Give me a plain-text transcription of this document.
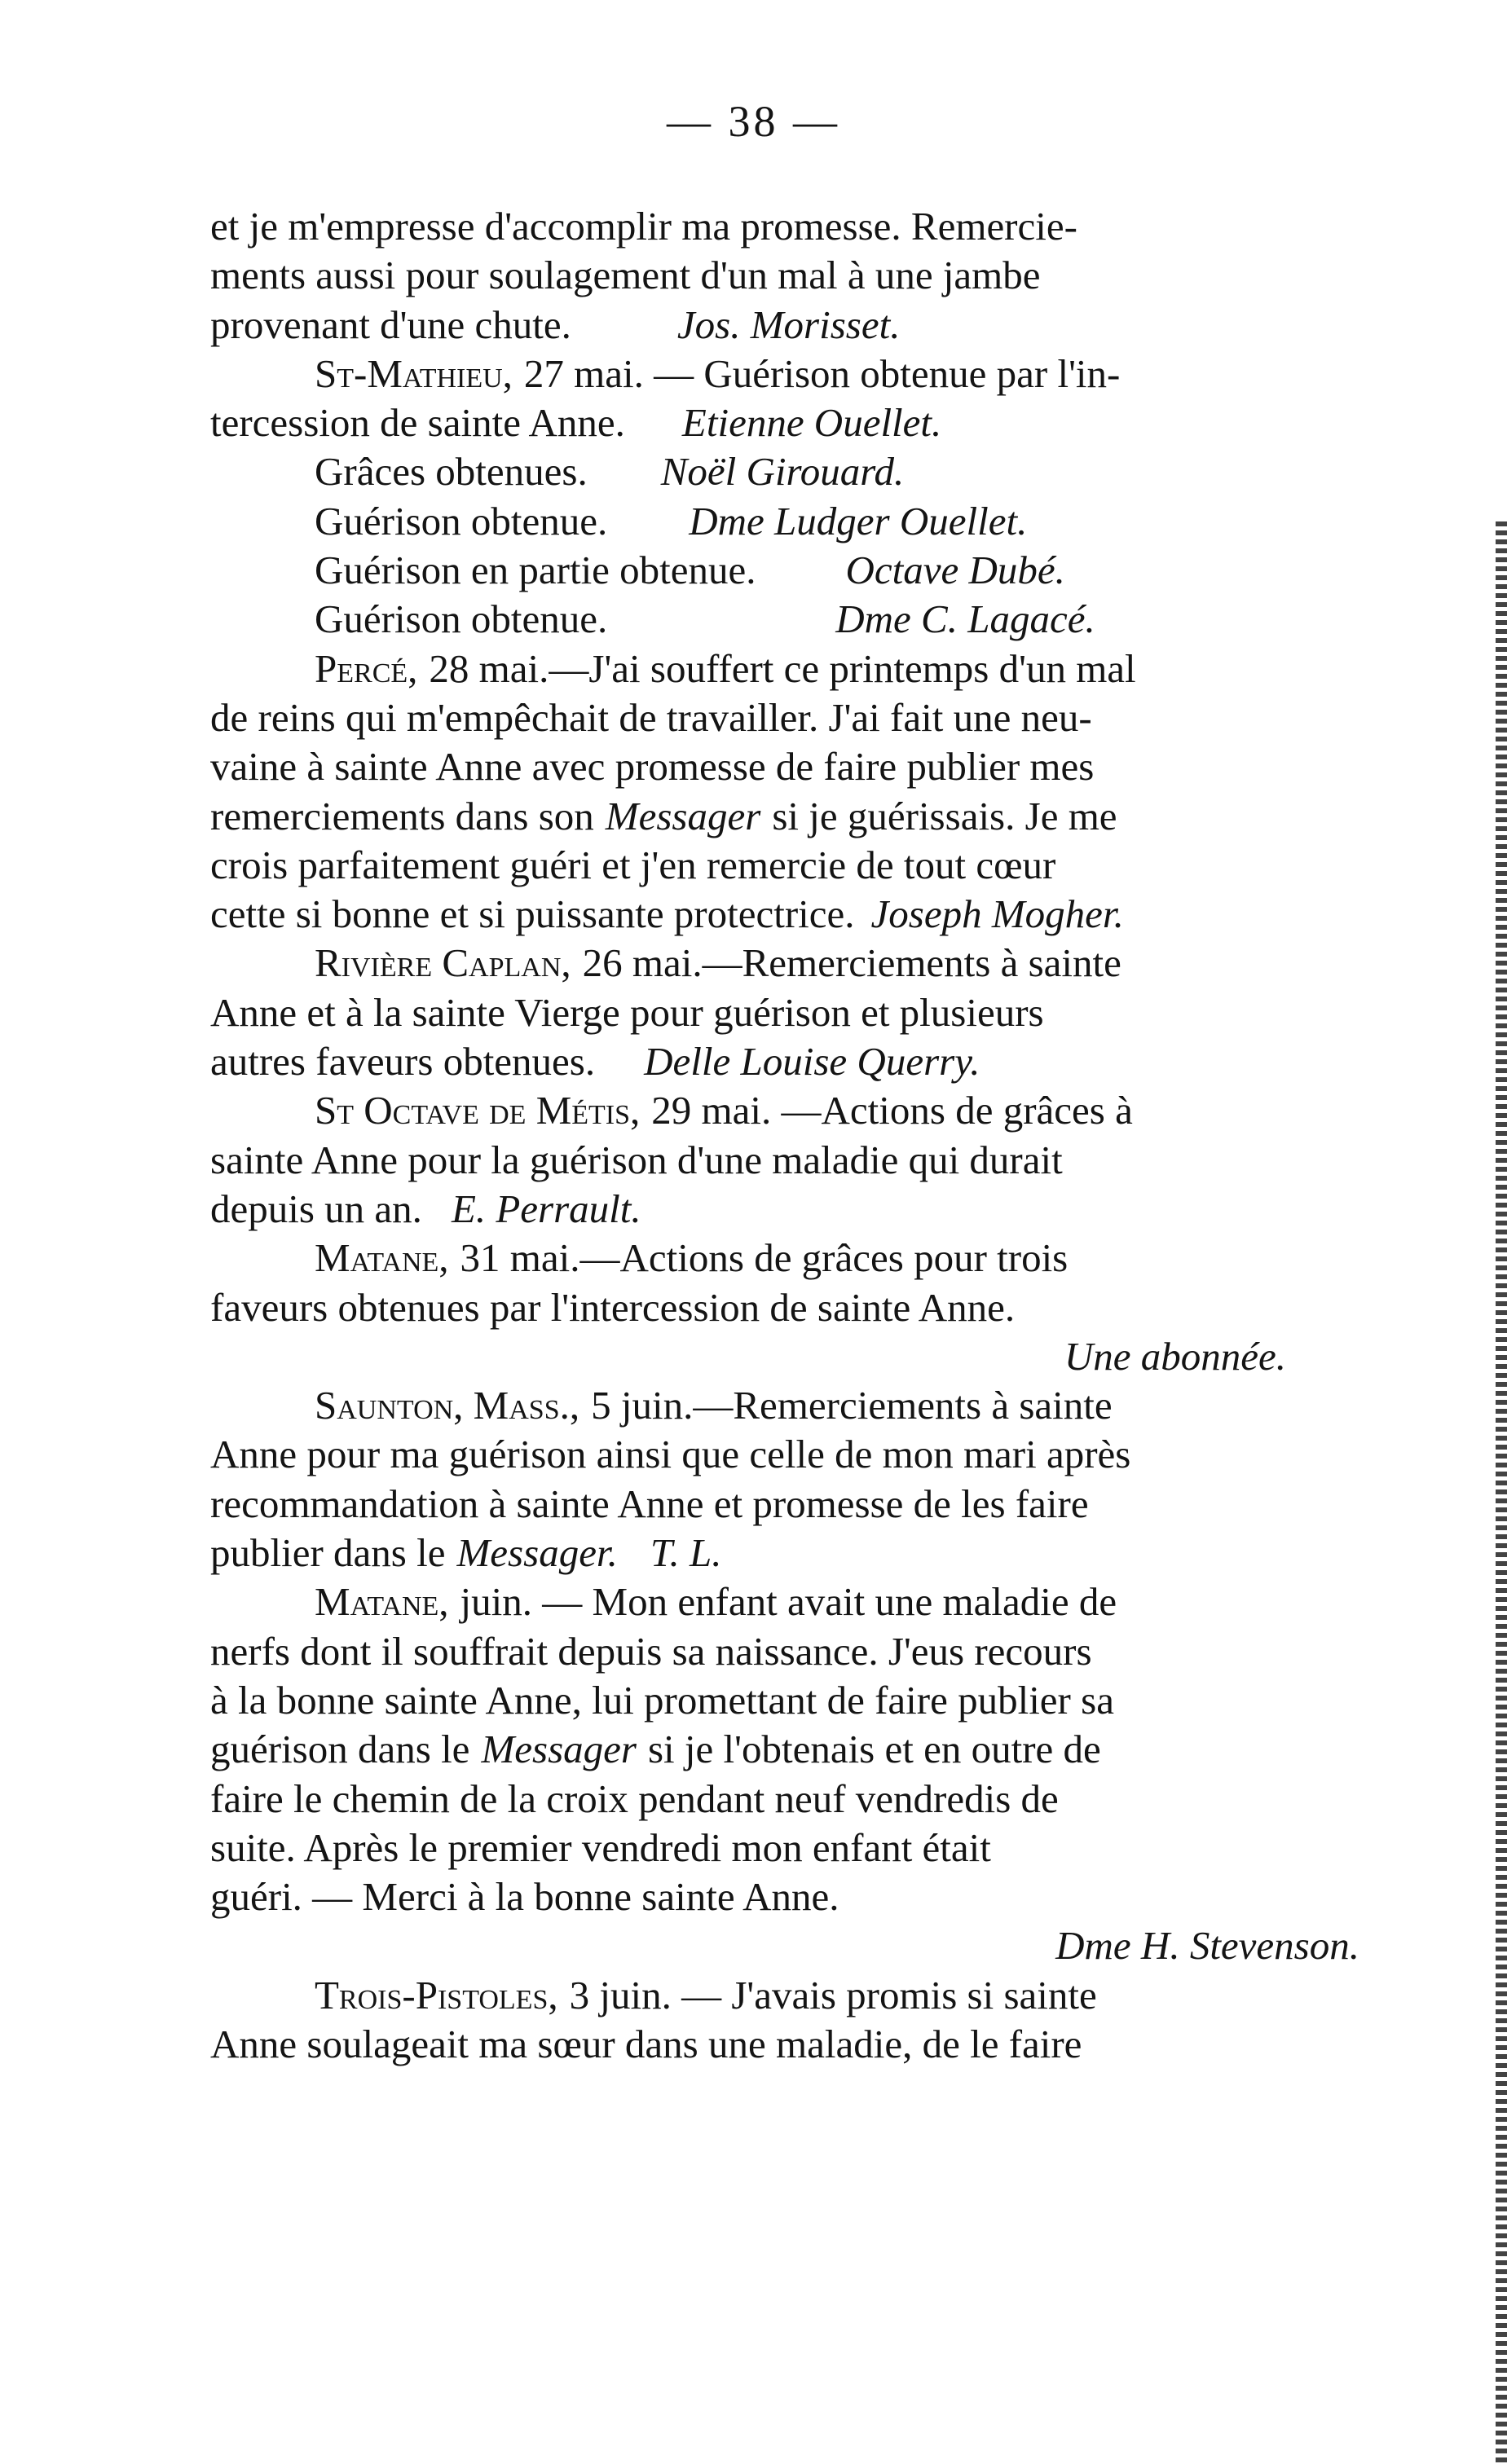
— 38 —
et je m'empresse d'accomplir ma promesse. Remercie-
ments aussi pour soulagement d'un mal à une jambe
provenant d'une chute.	Jos. Morisset.
St-Mathieu, 27 mai. — Guérison obtenue par l'in-
tercession de sainte Anne. Etienne Ouellet.
Grâces obtenues. Noël Girouard.
Guérison obtenue. Dme Ludger Ouellet.
Guérison en partie obtenue. Octave Dubé.
Guérison obtenue.	Dme C. Lagacé.
Percé, 28 mai.—J'ai souffert ce printemps d'un mal
de reins qui m'empêchait de travailler. J'ai fait une neu-
vaine à sainte Anne avec promesse de faire publier mes
remerciements dans son Messager si je guérissais. Je me
crois parfaitement guéri et j'en remercie de tout cœur
cette si bonne et si puissante protectrice. Joseph Mogher.
Rivière Caplan, 26 mai.—Remerciements à sainte
Anne et à la sainte Vierge pour guérison et plusieurs
autres faveurs obtenues. Delle Louise Querry.
St Octave de Métis, 29 mai. —Actions de grâces à
sainte Anne pour la guérison d'une maladie qui durait
depuis un an. E. Perrault.
Matane, 31 mai.—Actions de grâces pour trois
faveurs obtenues par l'intercession de sainte Anne.
Une abonnée.
Saunton, Mass., 5 juin.—Remerciements à sainte
Anne pour ma guérison ainsi que celle de mon mari après
recommandation à sainte Anne et promesse de les faire
publier dans le Messager. T. L.
Matane, juin. — Mon enfant avait une maladie de
nerfs dont il souffrait depuis sa naissance. J'eus recours
à la bonne sainte Anne, lui promettant de faire publier sa
guérison dans le Messager si je l'obtenais et en outre de
faire le chemin de la croix pendant neuf vendredis de
suite. Après le premier vendredi mon enfant était
guéri. — Merci à la bonne sainte Anne.
Dme H. Stevenson.
Trois-Pistoles, 3 juin. — J'avais promis si sainte
Anne soulageait ma sœur dans une maladie, de le faire
